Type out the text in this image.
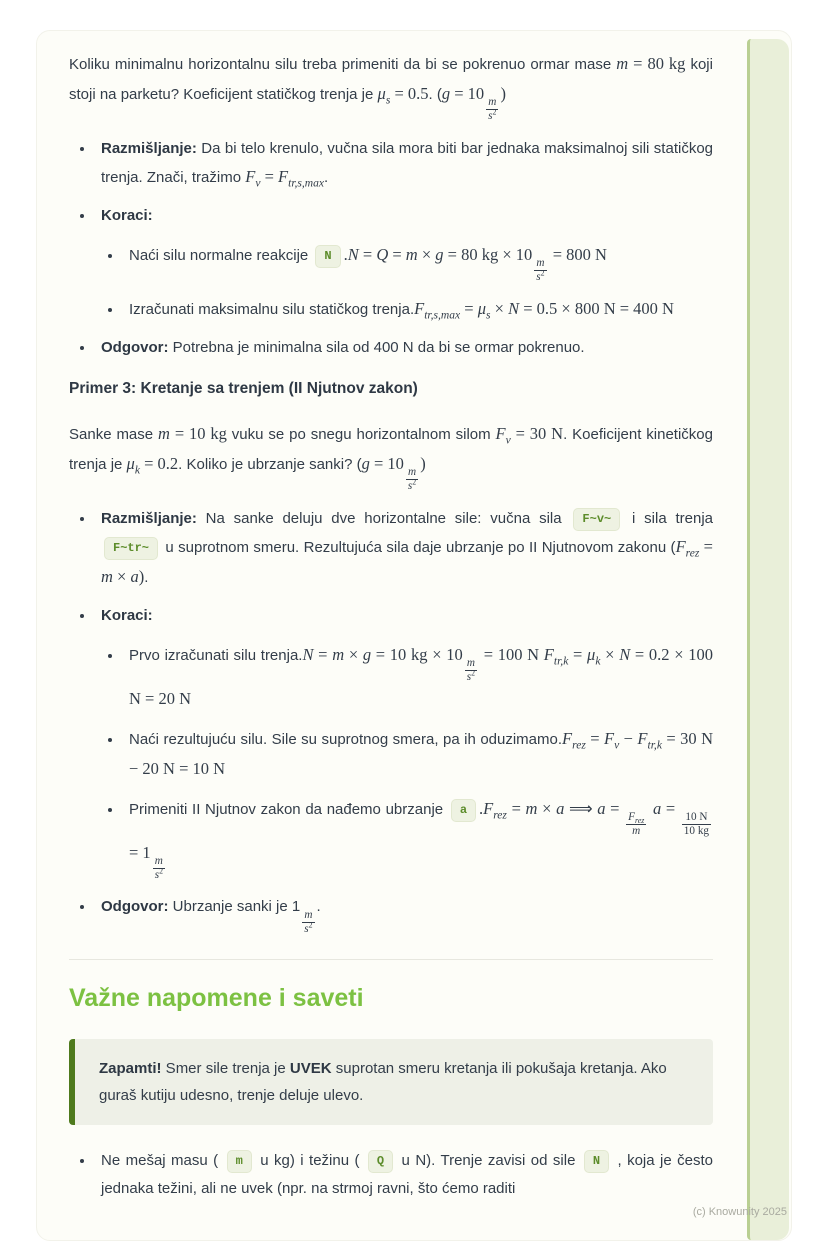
Koliku minimalnu horizontalnu silu treba primeniti da bi se pokrenuo ormar mase m = 80 kg koji stoji na parketu? Koeficijent statičkog trenja je $\mu_s = 0.5$. (g = 10
$\frac{m}{s^2}$
)
• Razmišljanje: Da bi telo krenulo, vučna sila mora biti bar jednaka maksimalnoj sili statičkog trenja. Znači, tražimo $F_v = F_{tr,s,max}$.
• Koraci:
• Naći silu normalne reakcije N .N = Q = m × g = 80 kg × 10
$\frac{m}{s^2}$
= 800 N
• Izračunati maksimalnu silu statičkog $trenja.F_{tr,s,max} = \mu_s \times N = 0.5 \times 800$ N = 400 N
• Odgovor: Potrebna je minimalna sila od 400 N da bi se ormar pokrenuo.
Primer 3: Kretanje sa trenjem (II Njutnov zakon)
Sanke mase m = 10 kg vuku se po snegu horizontalnom silom $F_v = 30$ N. Koeficijent kinetičkog trenja je $\mu_k = 0.2$. Koliko je ubrzanje sanki? (g = 10
$\frac{m}{s^2}$
)
• Razmišljanje: Na sanke deluju dve horizontalne sile: vučna sila F~v~ i sila trenja F~tr~ u suprotnom smeru. Rezultujuća sila daje ubrzanje po II Njutnovom zakonu $(F_{rez} = m \times a)$.
• Koraci:
• Prvo izračunati silu trenja.N = m × g = 10 kg × 10
$\frac{m}{s^2}$
= 100 N $F_{tr,k} = \mu_k \times N = 0.2 \times 100$ N = 20 N
• Naći rezultujuću silu. Sile su suprotnog smera, pa ih $oduzimamo.F_{rez} = F_v - F_{tr,k} = 30$ N − 20 N = 10 N
• Primeniti II Njutnov zakon da nađemo ubrzanje a $.F_{rez} = m \times a$ ⟹ a =
$\frac{F_{rez}}{m}$
a =
$\frac{10 N}{10 kg}$
= 1
$\frac{m}{s^2}$
• Odgovor: Ubrzanje sanki je 1
$\frac{m}{s^2}$
.
Važne napomene i saveti
Zapamti! Smer sile trenja je UVEK suprotan smeru kretanja ili pokušaja kretanja. Ako guraš kutiju udesno, trenje deluje ulevo.
• Ne mešaj masu ( m u kg) i težinu ( Q u N). Trenje zavisi od sile N , koja je često jednaka težini, ali ne uvek (npr. na strmoj ravni, što ćemo raditi
(c) Knowunity 2025
